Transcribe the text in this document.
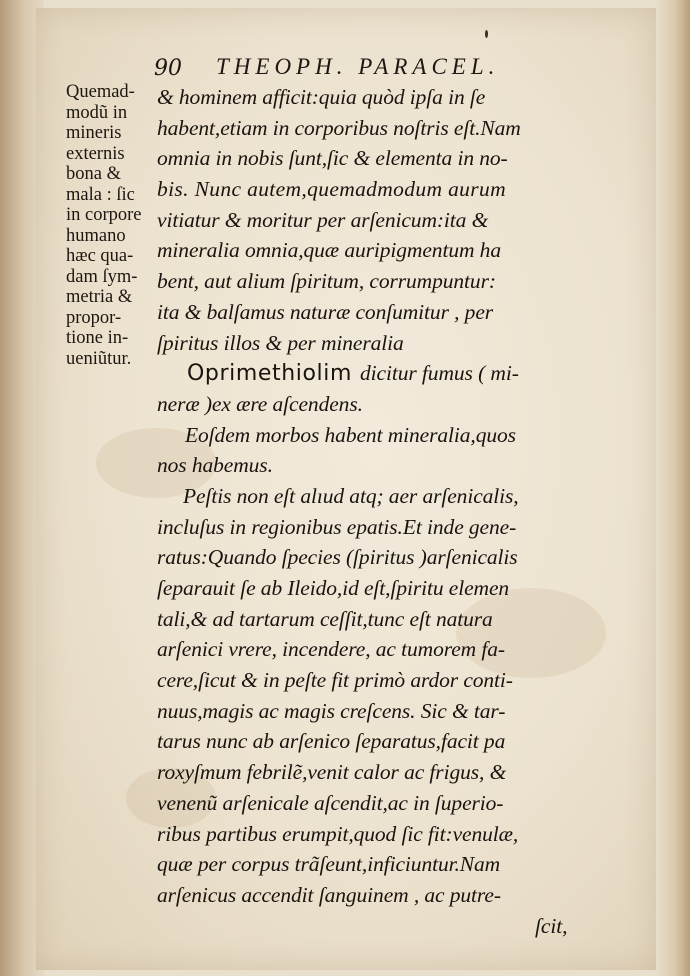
90 THEOPH. PARACEL.
Quemad-
modũ in
mineris
externis
bona &
mala : ſic
in corpore
humano
hæc qua-
dam ſym-
metria &
propor-
tione in-
ueniũtur.
& hominem afficit:quia quòd ipſa in ſe
habent,etiam in corporibus noſtris eſt.Nam
omnia in nobis ſunt,ſic & elementa in no-
bis. Nunc autem,quemadmodum aurum
vitiatur & moritur per arſenicum:ita &
mineralia omnia,quæ auripigmentum ha
bent, aut alium ſpiritum, corrumpuntur:
ita & balſamus naturæ conſumitur , per
ſpiritus illos & per mineralia
Oprimethiolim dicitur fumus ( mi-
neræ )ex ære aſcendens.
Eoſdem morbos habent mineralia,quos
nos habemus.
Peſtis non eſt alıud atq; aer arſenicalis,
incluſus in regionibus epatis.Et inde gene-
ratus:Quando ſpecies (ſpiritus )arſenicalis
ſeparauit ſe ab Ileido,id eſt,ſpiritu elemen
tali,& ad tartarum ceſſit,tunc eſt natura
arſenici vrere, incendere, ac tumorem fa-
cere,ſicut & in peſte fit primò ardor conti-
nuus,magis ac magis creſcens. Sic & tar-
tarus nunc ab arſenico ſeparatus,facit pa
roxyſmum febrilẽ,venit calor ac frigus, &
venenũ arſenicale aſcendit,ac in ſuperio-
ribus partibus erumpit,quod ſic fit:venulæ,
quæ per corpus trãſeunt,inficiuntur.Nam
arſenicus accendit ſanguinem , ac putre-
ſcit,
